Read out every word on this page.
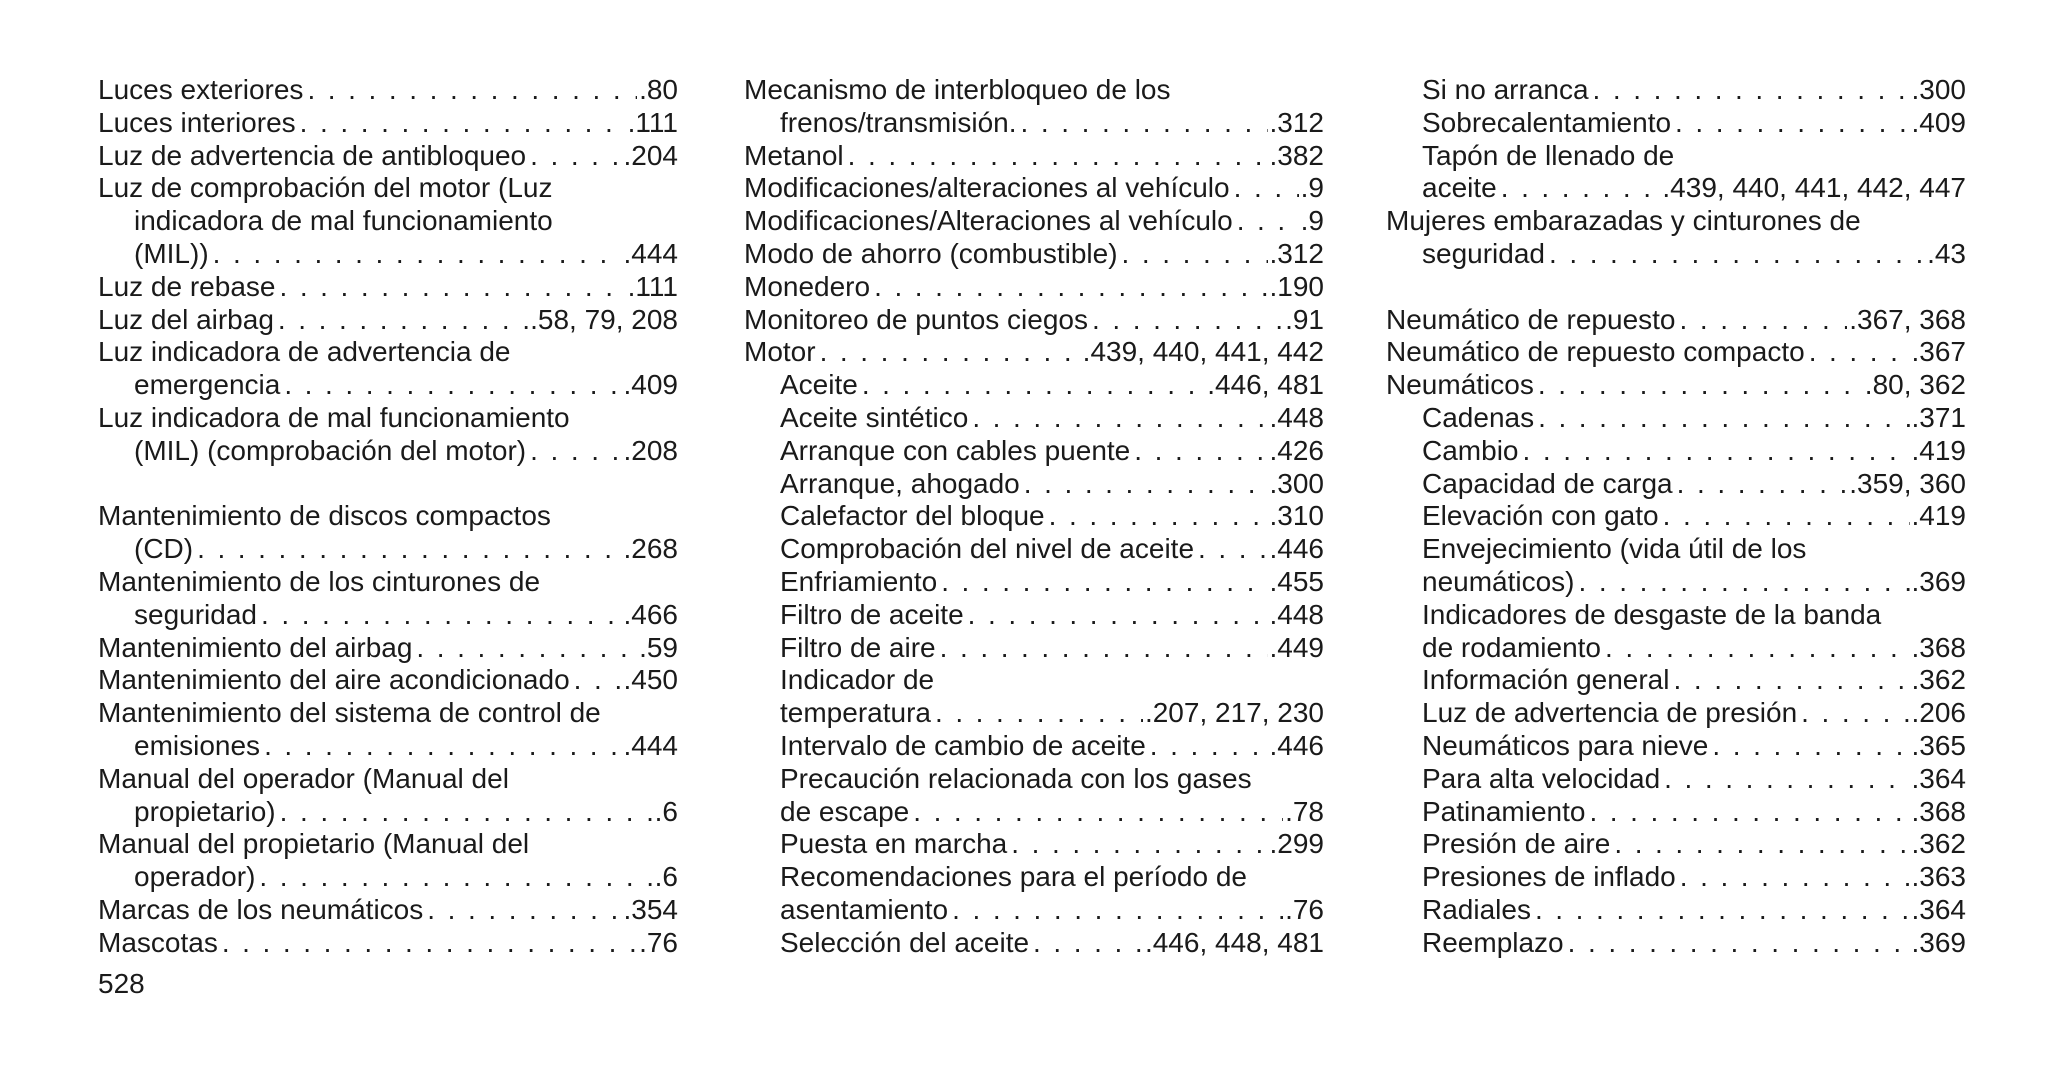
Luces exteriores . . .	.80
Luces interiores . . .	.111
Luz de advertencia de antibloqueo . . .	.204
Luz de comprobación del motor (Luz
indicadora de mal funcionamiento
(MIL)) . . .	.444
Luz de rebase . . .	.111
Luz del airbag . . .	.58, 79, 208
Luz indicadora de advertencia de
emergencia . . .	.409
Luz indicadora de mal funcionamiento
(MIL) (comprobación del motor) . . .	.208
Mantenimiento de discos compactos
(CD) . . .	.268
Mantenimiento de los cinturones de
seguridad . . .	.466
Mantenimiento del airbag . . .	.59
Mantenimiento del aire acondicionado . . . .450
Mantenimiento del sistema de control de
emisiones . . .	.444
Manual del operador (Manual del
propietario) . . .	.6
Manual del propietario (Manual del
operador) . . .	.6
Marcas de los neumáticos . . .	.354
Mascotas . . .	.76
Mecanismo de interbloqueo de los
frenos/transmisión. . . .	.312
Metanol . . .	.382
Modificaciones/alteraciones al vehículo . . .	.9
Modificaciones/Alteraciones al vehículo . . . .9
Modo de ahorro (combustible) . . .	.312
Monedero . . .	.190
Monitoreo de puntos ciegos . . .	.91
Motor . . .	.439, 440, 441, 442
Aceite . . .	.446, 481
Aceite sintético . . .	.448
Arranque con cables puente . . .	.426
Arranque, ahogado . . .	.300
Calefactor del bloque . . .	.310
Comprobación del nivel de aceite . . .	.446
Enfriamiento . . .	.455
Filtro de aceite . . .	.448
Filtro de aire . . .	.449
Indicador de
temperatura . . .	.207, 217, 230
Intervalo de cambio de aceite . . .	.446
Precaución relacionada con los gases
de escape . . .	.78
Puesta en marcha . . .	.299
Recomendaciones para el período de
asentamiento . . .	.76
Selección del aceite . . .	.446, 448, 481
Si no arranca . . .	.300
Sobrecalentamiento . . .	.409
Tapón de llenado de
aceite . . .	.439, 440, 441, 442, 447
Mujeres embarazadas y cinturones de
seguridad . . .	.43
Neumático de repuesto . . .	.367, 368
Neumático de repuesto compacto . . .	.367
Neumáticos . . .	.80, 362
Cadenas . . .	.371
Cambio . . .	.419
Capacidad de carga . . .	.359, 360
Elevación con gato . . .	.419
Envejecimiento (vida útil de los
neumáticos) . . .	.369
Indicadores de desgaste de la banda
de rodamiento . . .	.368
Información general . . .	.362
Luz de advertencia de presión . . .	.206
Neumáticos para nieve . . .	.365
Para alta velocidad . . .	.364
Patinamiento . . .	.368
Presión de aire . . .	.362
Presiones de inflado . . .	.363
Radiales . . .	.364
Reemplazo . . .	.369
528
